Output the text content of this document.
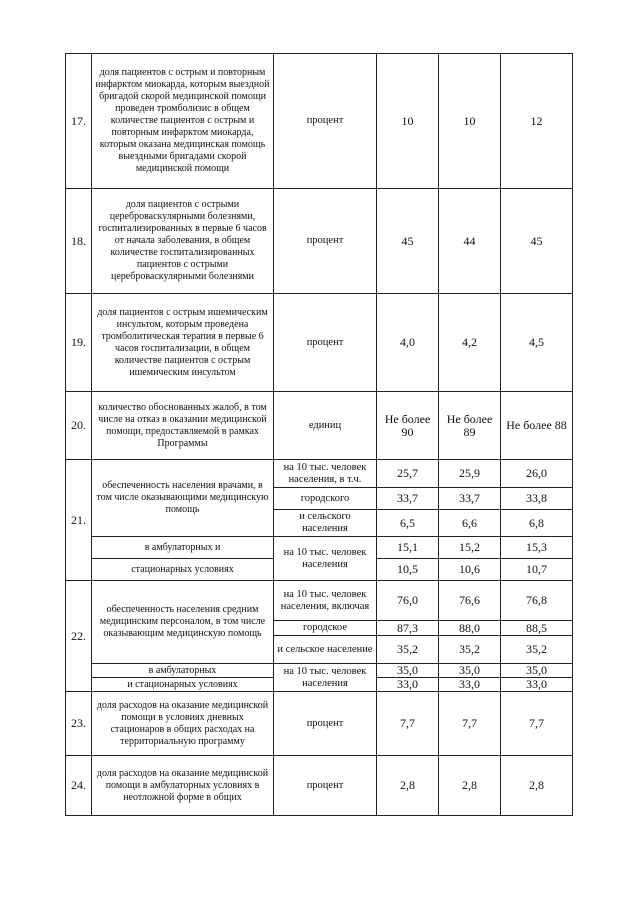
17.	доля пациентов с острым и повторным инфарктом миокарда, которым выездной бригадой скорой медицинской помощи проведен тромболизис в общем количестве пациентов с острым и повторным инфарктом миокарда, которым оказана медицинская помощь выездными бригадами скорой медицинской помощи	процент	10	10	12
18.	доля пациентов с острыми цереброваскулярными болезнями, госпитализированных в первые 6 часов от начала заболевания, в общем количестве госпитализированных пациентов с острыми цереброваскулярными болезнями	процент	45	44	45
19.	доля пациентов с острым ишемическим инсультом, которым проведена тромболитическая терапия в первые 6 часов госпитализации, в общем количестве пациентов с острым ишемическим инсультом	процент	4,0	4,2	4,5
20.	количество обоснованных жалоб, в том числе на отказ в оказании медицинской помощи, предоставляемой в рамках Программы	единиц	Не более 90	Не более 89	Не более 88
21.	обеспеченность населения врачами, в том числе оказывающими медицинскую помощь	на 10 тыс. человек населения, в т.ч.	25,7	25,9	26,0
		городского	33,7	33,7	33,8
		и сельского населения	6,5	6,6	6,8
	в амбулаторных и	на 10 тыс. человек населения	15,1	15,2	15,3
	стационарных условиях		10,5	10,6	10,7
22.	обеспеченность населения средним медицинским персоналом, в том числе оказывающим медицинскую помощь	на 10 тыс. человек населения, включая	76,0	76,6	76,8
		городское	87,3	88,0	88,5
		и сельское население	35,2	35,2	35,2
	в амбулаторных	на 10 тыс. человек населения	35,0	35,0	35,0
	и стационарных условиях		33,0	33,0	33,0
23.	доля расходов на оказание медицинской помощи в условиях дневных стационаров в общих расходах на территориальную программу	процент	7,7	7,7	7,7
24.	доля расходов на оказание медицинской помощи в амбулаторных условиях в неотложной форме в общих	процент	2,8	2,8	2,8
